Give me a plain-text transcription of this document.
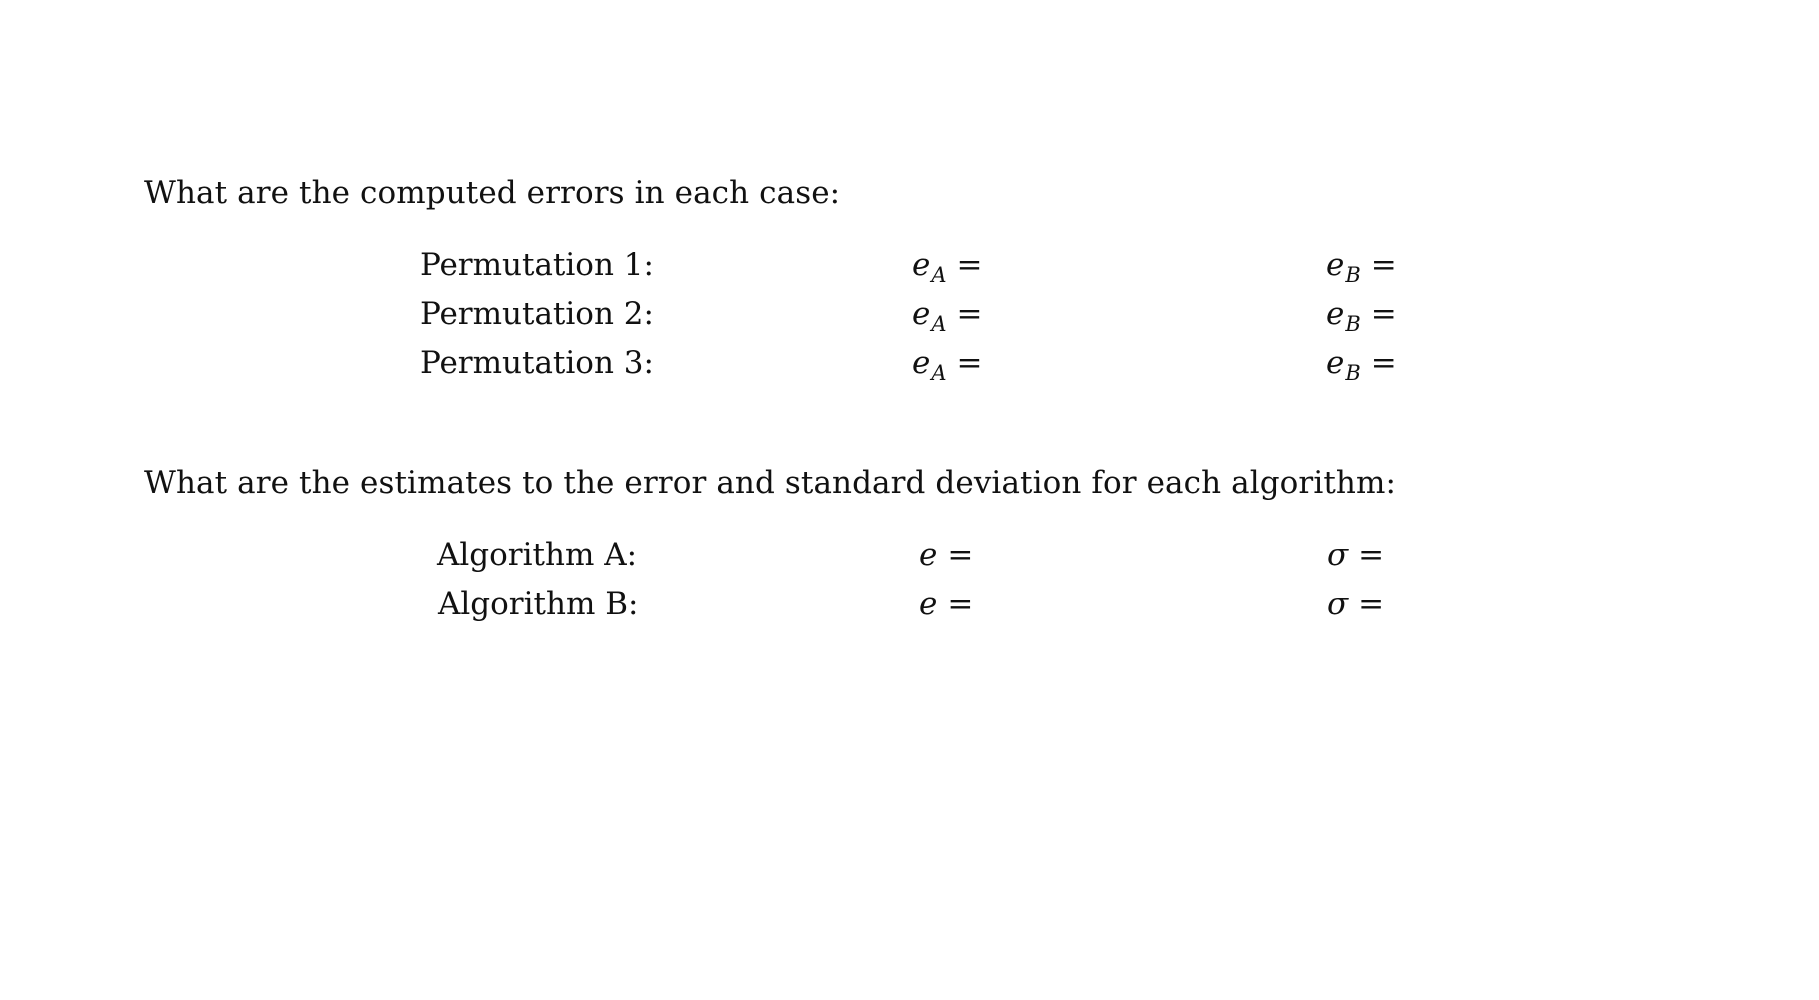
What are the computed errors in each case:
Permutation 1:	$e_A$ =	$e_B$ =
Permutation 2:	$e_A$ =	$e_B$ =
Permutation 3:	$e_A$ =	$e_B$ =
What are the estimates to the error and standard deviation for each algorithm:
Algorithm A:	e =	σ =
Algorithm B:	e =	σ =
